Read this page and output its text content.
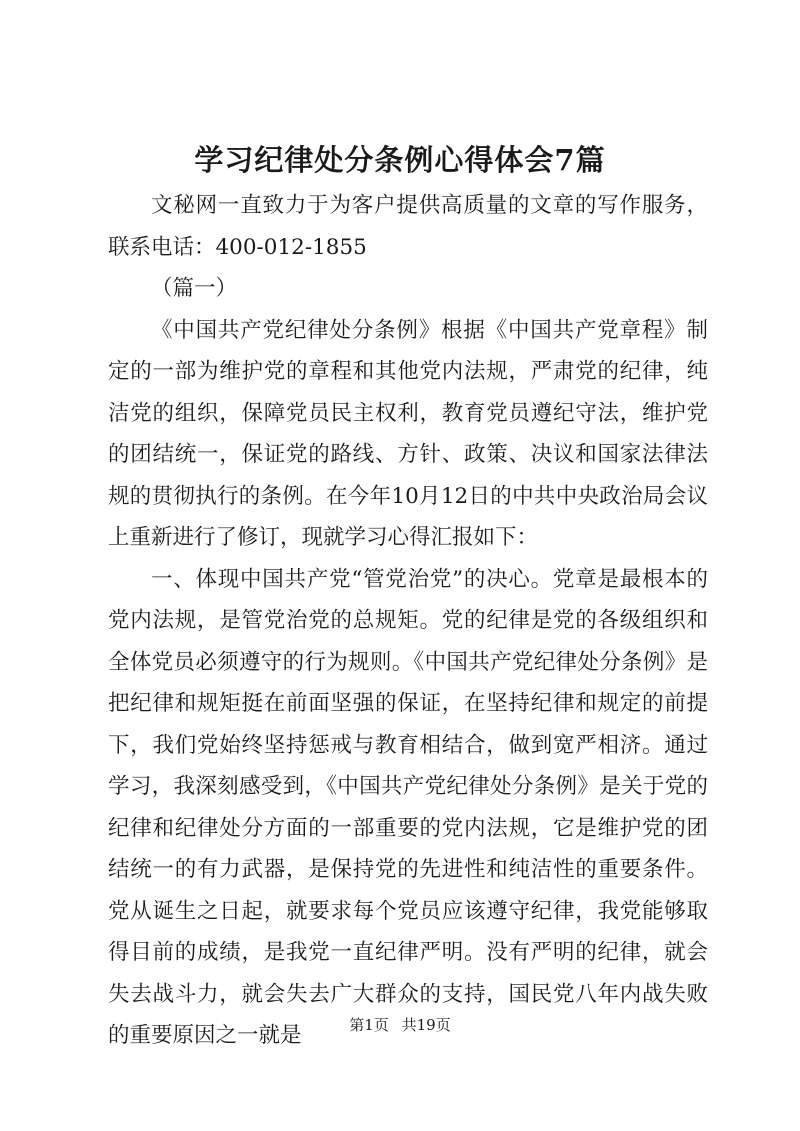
学习纪律处分条例心得体会7篇

文秘网一直致力于为客户提供高质量的文章的写作服务，联系电话：400-012-1855

（篇一）

《中国共产党纪律处分条例》根据《中国共产党章程》制定的一部为维护党的章程和其他党内法规，严肃党的纪律，纯洁党的组织，保障党员民主权利，教育党员遵纪守法，维护党的团结统一，保证党的路线、方针、政策、决议和国家法律法规的贯彻执行的条例。在今年10月12日的中共中央政治局会议上重新进行了修订，现就学习心得汇报如下：

一、体现中国共产党“管党治党”的决心。党章是最根本的党内法规，是管党治党的总规矩。党的纪律是党的各级组织和全体党员必须遵守的行为规则。《中国共产党纪律处分条例》是把纪律和规矩挺在前面坚强的保证，在坚持纪律和规定的前提下，我们党始终坚持惩戒与教育相结合，做到宽严相济。通过学习，我深刻感受到，《中国共产党纪律处分条例》是关于党的纪律和纪律处分方面的一部重要的党内法规，它是维护党的团结统一的有力武器，是保持党的先进性和纯洁性的重要条件。党从诞生之日起，就要求每个党员应该遵守纪律，我党能够取得目前的成绩，是我党一直纪律严明。没有严明的纪律，就会失去战斗力，就会失去广大群众的支持，国民党八年内战失败的重要原因之一就是	第1页 共19页
